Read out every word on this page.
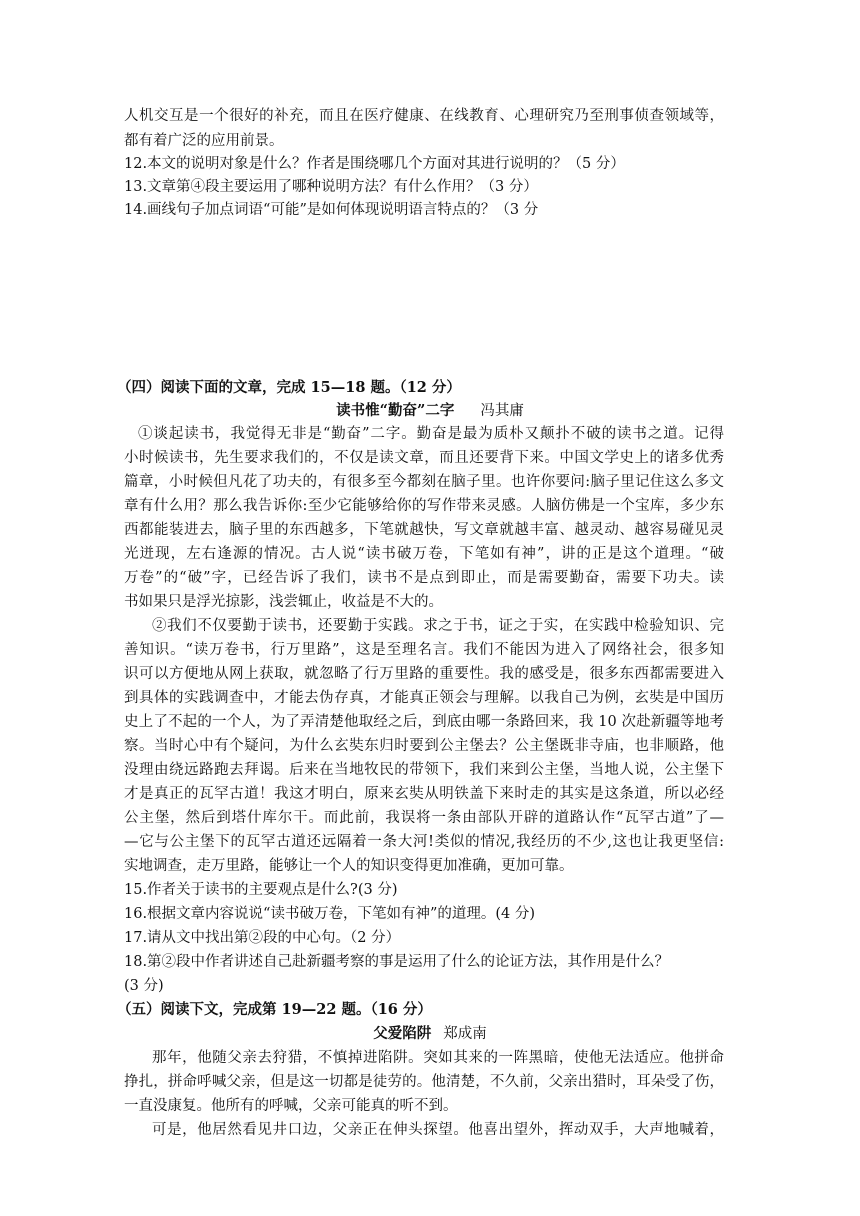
人机交互是一个很好的补充，而且在医疗健康、在线教育、心理研究乃至刑事侦查领域等，
都有着广泛的应用前景。
12.本文的说明对象是什么？作者是围绕哪几个方面对其进行说明的？（5 分）
13.文章第④段主要运用了哪种说明方法？有什么作用？（3 分）
14.画线句子加点词语“可能”是如何体现说明语言特点的？（3 分
（四）阅读下面的文章，完成 15—18 题。（12 分）
读书惟“勤奋”二字 冯其庸
①谈起读书，我觉得无非是“勤奋”二字。勤奋是最为质朴又颠扑不破的读书之道。记得
小时候读书，先生要求我们的，不仅是读文章，而且还要背下来。中国文学史上的诸多优秀
篇章，小时候但凡花了功夫的，有很多至今都刻在脑子里。也许你要问:脑子里记住这么多文
章有什么用？那么我告诉你:至少它能够给你的写作带来灵感。人脑仿佛是一个宝库，多少东
西都能装进去，脑子里的东西越多，下笔就越快，写文章就越丰富、越灵动、越容易碰见灵
光迸现，左右逢源的情况。古人说“读书破万卷，下笔如有神”，讲的正是这个道理。“破
万卷”的“破”字，已经告诉了我们，读书不是点到即止，而是需要勤奋，需要下功夫。读
书如果只是浮光掠影，浅尝辄止，收益是不大的。
②我们不仅要勤于读书，还要勤于实践。求之于书，证之于实，在实践中检验知识、完
善知识。“读万卷书，行万里路”，这是至理名言。我们不能因为进入了网络社会，很多知
识可以方便地从网上获取，就忽略了行万里路的重要性。我的感受是，很多东西都需要进入
到具体的实践调查中，才能去伪存真，才能真正领会与理解。以我自己为例，玄奘是中国历
史上了不起的一个人，为了弄清楚他取经之后，到底由哪一条路回来，我 10 次赴新疆等地考
察。当时心中有个疑问，为什么玄奘东归时要到公主堡去？公主堡既非寺庙，也非顺路，他
没理由绕远路跑去拜谒。后来在当地牧民的带领下，我们来到公主堡，当地人说，公主堡下
才是真正的瓦罕古道！我这才明白，原来玄奘从明铁盖下来时走的其实是这条道，所以必经
公主堡，然后到塔什库尔干。而此前，我误将一条由部队开辟的道路认作“瓦罕古道”了—
—它与公主堡下的瓦罕古道还远隔着一条大河!类似的情况,我经历的不少,这也让我更坚信:
实地调查，走万里路，能够让一个人的知识变得更加准确，更加可靠。
15.作者关于读书的主要观点是什么?(3 分)
16.根据文章内容说说“读书破万卷，下笔如有神”的道理。(4 分)
17.请从文中找出第②段的中心句。（2 分）
18.第②段中作者讲述自己赴新疆考察的事是运用了什么的论证方法，其作用是什么？
(3 分)
（五）阅读下文，完成第 19—22 题。（16 分）
父爱陷阱 郑成南
那年，他随父亲去狩猎，不慎掉进陷阱。突如其来的一阵黑暗，使他无法适应。他拼命
挣扎，拼命呼喊父亲，但是这一切都是徒劳的。他清楚，不久前，父亲出猎时，耳朵受了伤，
一直没康复。他所有的呼喊，父亲可能真的听不到。
可是，他居然看见井口边，父亲正在伸头探望。他喜出望外，挥动双手，大声地喊着，
